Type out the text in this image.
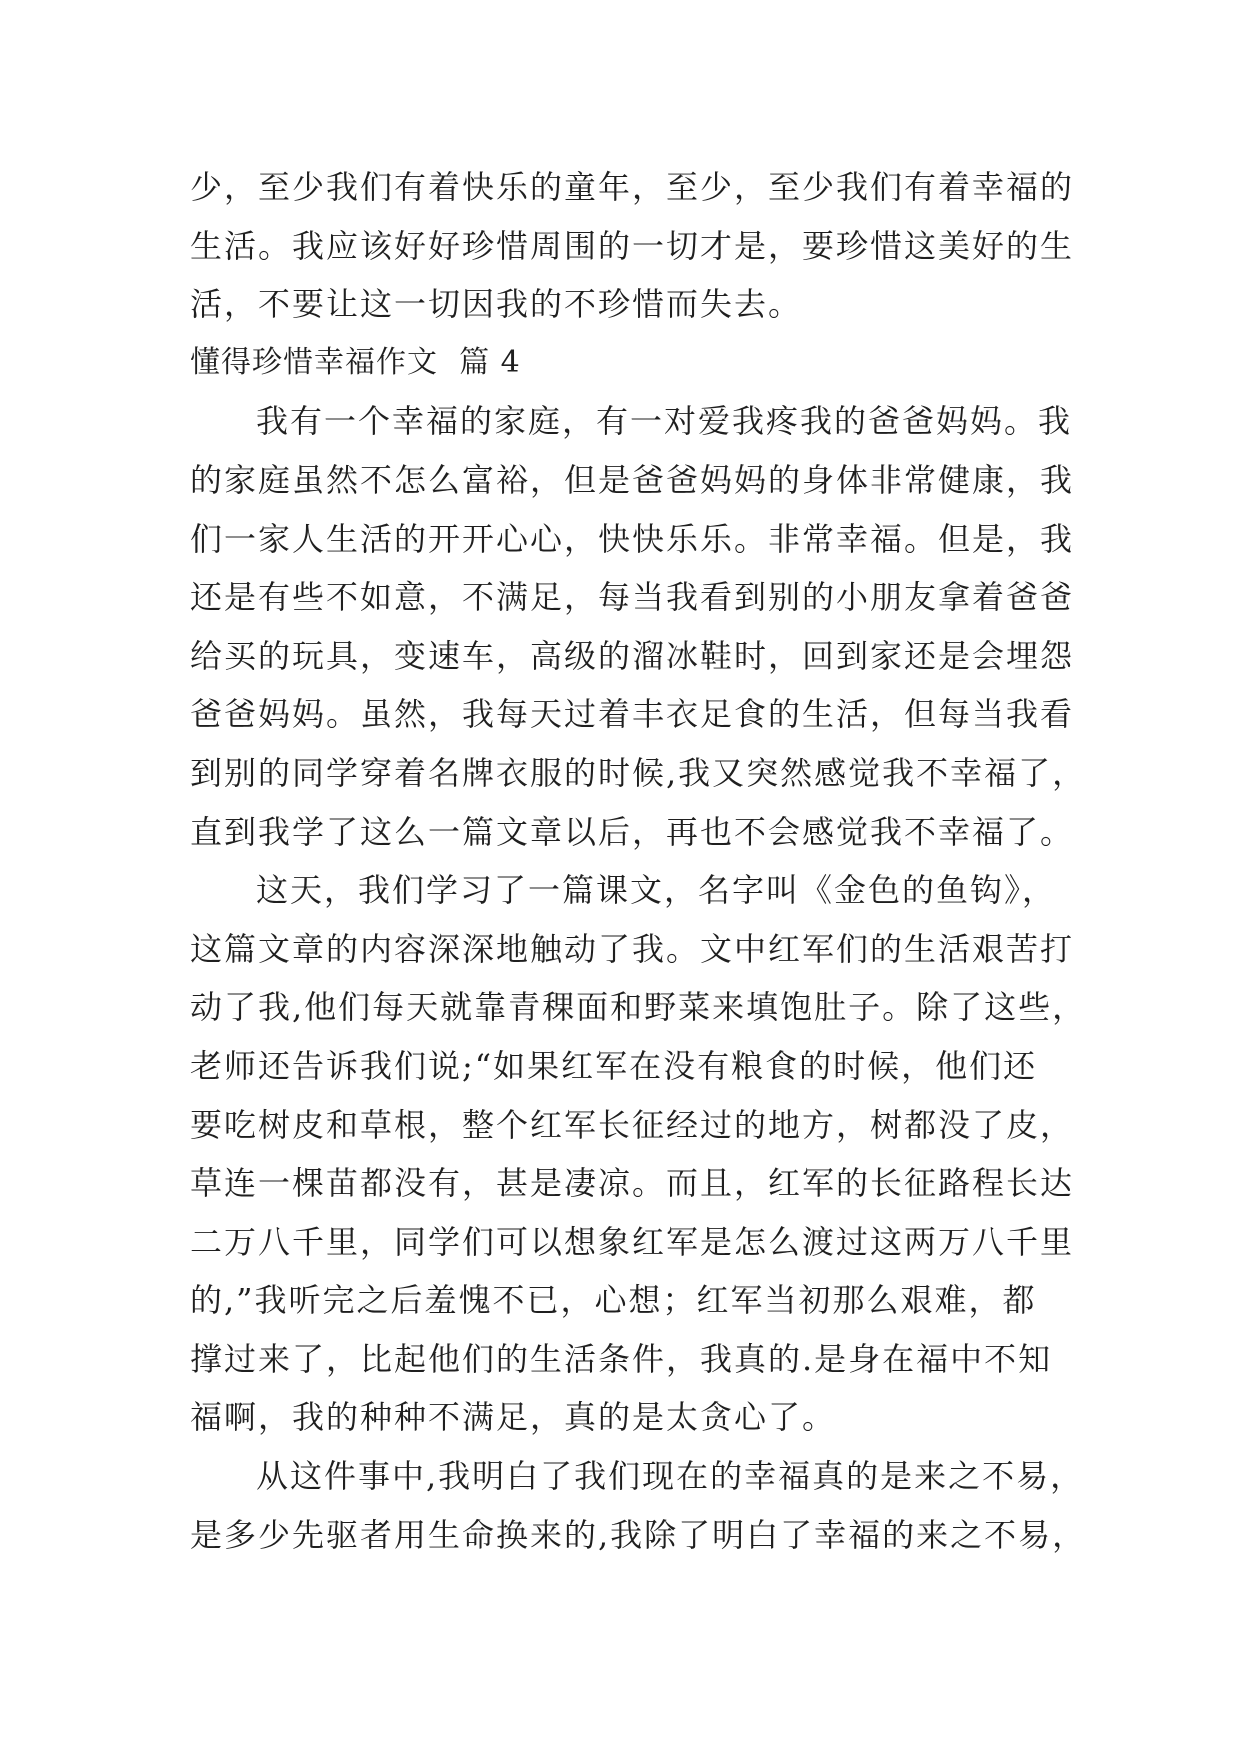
少，至少我们有着快乐的童年，至少，至少我们有着幸福的
生活。我应该好好珍惜周围的一切才是，要珍惜这美好的生
活，不要让这一切因我的不珍惜而失去。
懂得珍惜幸福作文  篇 4
我有一个幸福的家庭，有一对爱我疼我的爸爸妈妈。我
的家庭虽然不怎么富裕，但是爸爸妈妈的身体非常健康，我
们一家人生活的开开心心，快快乐乐。非常幸福。但是，我
还是有些不如意，不满足，每当我看到别的小朋友拿着爸爸
给买的玩具，变速车，高级的溜冰鞋时，回到家还是会埋怨
爸爸妈妈。虽然，我每天过着丰衣足食的生活，但每当我看
到别的同学穿着名牌衣服的时候,我又突然感觉我不幸福了，
直到我学了这么一篇文章以后，再也不会感觉我不幸福了。
这天，我们学习了一篇课文，名字叫《金色的鱼钩》，
这篇文章的内容深深地触动了我。文中红军们的生活艰苦打
动了我,他们每天就靠青稞面和野菜来填饱肚子。除了这些，
老师还告诉我们说;“如果红军在没有粮食的时候，他们还
要吃树皮和草根，整个红军长征经过的地方，树都没了皮，
草连一棵苗都没有，甚是凄凉。而且，红军的长征路程长达
二万八千里，同学们可以想象红军是怎么渡过这两万八千里
的,”我听完之后羞愧不已，心想；红军当初那么艰难，都
撑过来了，比起他们的生活条件，我真的.是身在福中不知
福啊，我的种种不满足，真的是太贪心了。
从这件事中,我明白了我们现在的幸福真的是来之不易，
是多少先驱者用生命换来的,我除了明白了幸福的来之不易，
